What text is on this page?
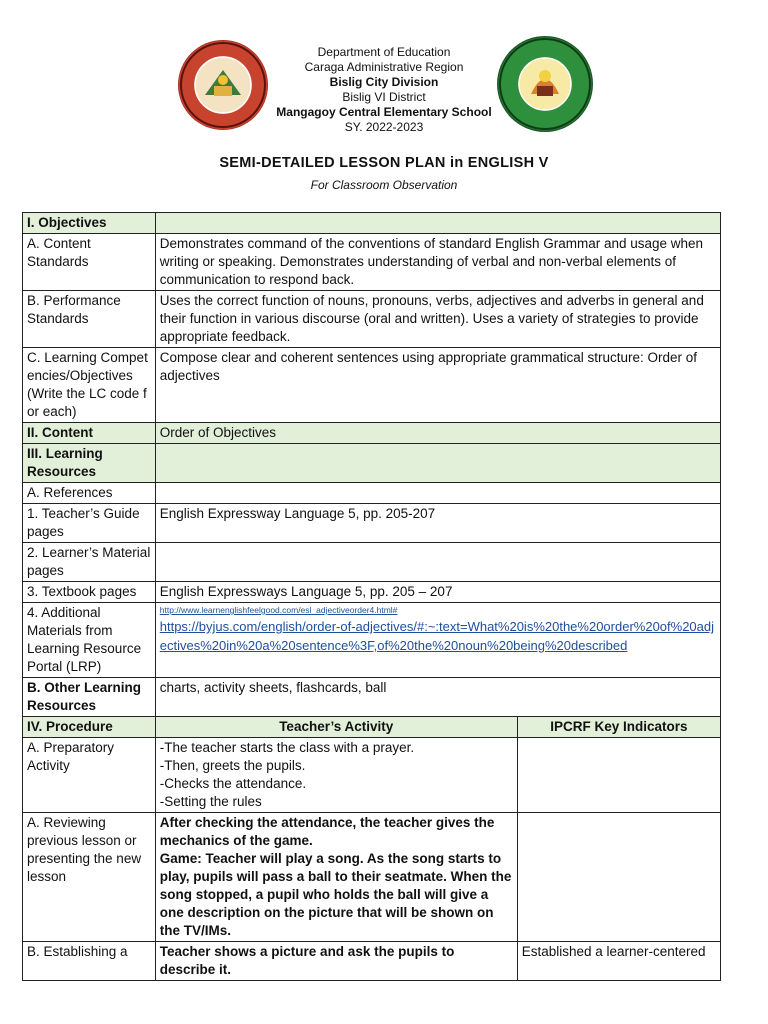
Department of Education
Caraga Administrative Region
Bislig City Division
Bislig VI District
Mangagoy Central Elementary School
SY. 2022-2023
SEMI-DETAILED LESSON PLAN in ENGLISH V
For Classroom Observation
I. Objectives		
A. Content Standards	Demonstrates command of the conventions of standard English Grammar and usage when writing or speaking. Demonstrates understanding of verbal and non-verbal elements of communication to respond back.	
B. Performance Standards	Uses the correct function of nouns, pronouns, verbs, adjectives and adverbs in general and their function in various discourse (oral and written). Uses a variety of strategies to provide appropriate feedback.	
C. Learning Competencies/Objectives (Write the LC code for each)	Compose clear and coherent sentences using appropriate grammatical structure: Order of adjectives	
II. Content	Order of Objectives	
III. Learning Resources		
A. References		
1. Teacher’s Guide pages	English Expressway Language 5, pp. 205-207	
2. Learner’s Material pages		
3. Textbook pages	English Expressways Language 5, pp. 205 – 207	
4. Additional Materials from Learning Resource Portal (LRP)	http://www.learnenglishfeelgood.com/esl_adjectiveorder4.html#
https://byjus.com/english/order-of-adjectives/#:~:text=What%20is%20the%20order%20of%20adjectives%20in%20a%20sentence%3F,of%20the%20noun%20being%20described	

B. Other Learning Resources	charts, activity sheets, flashcards, ball	
IV. Procedure	Teacher’s Activity	IPCRF Key Indicators
A. Preparatory Activity	-The teacher starts the class with a prayer.
-Then, greets the pupils.
-Checks the attendance.
-Setting the rules	

A. Reviewing previous lesson or presenting the new lesson	After checking the attendance, the teacher gives the mechanics of the game.
Game: Teacher will play a song. As the song starts to play, pupils will pass a ball to their seatmate. When the song stopped, a pupil who holds the ball will give a one description on the picture that will be shown on the TV/IMs.	

B. Establishing a	Teacher shows a picture and ask the pupils to describe it.	Established a learner-centered
